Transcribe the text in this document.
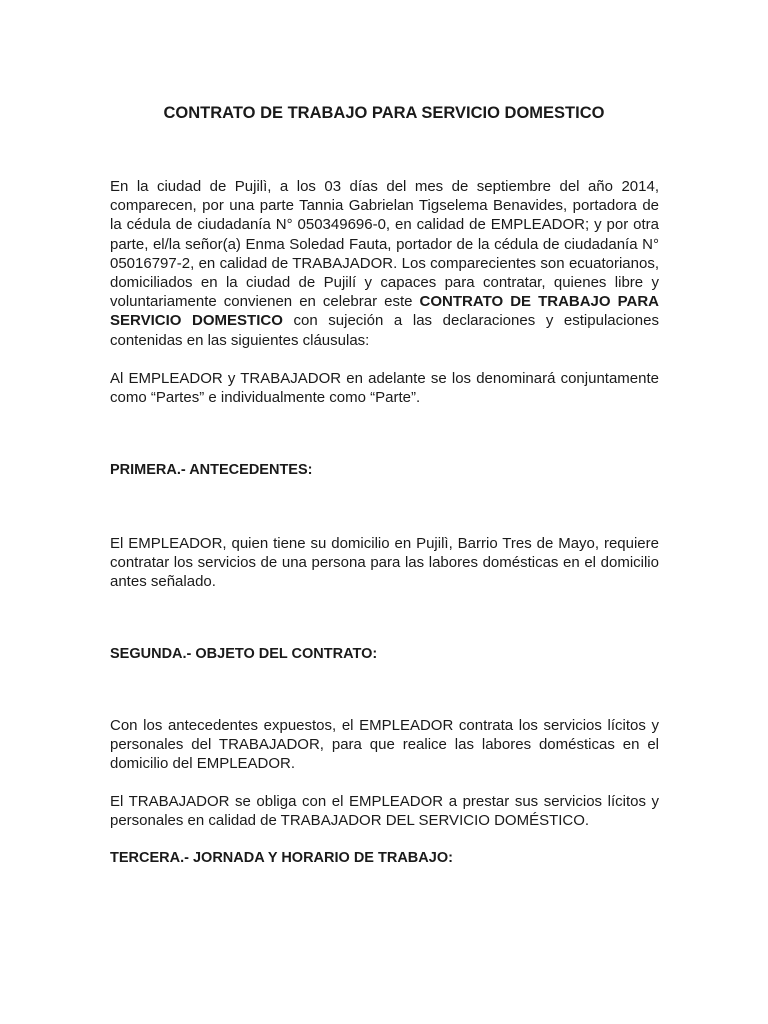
CONTRATO DE TRABAJO PARA SERVICIO DOMESTICO

En la ciudad de Pujilì, a los 03 días del mes de septiembre del año 2014, comparecen, por una parte Tannia Gabrielan Tigselema Benavides, portadora de la cédula de ciudadanía N° 050349696-0, en calidad de EMPLEADOR; y por otra parte, el/la señor(a) Enma Soledad Fauta, portador de la cédula de ciudadanía N° 05016797-2, en calidad de TRABAJADOR. Los comparecientes son ecuatorianos, domiciliados en la ciudad de Pujilí y capaces para contratar, quienes libre y voluntariamente convienen en celebrar este CONTRATO DE TRABAJO PARA SERVICIO DOMESTICO con sujeción a las declaraciones y estipulaciones contenidas en las siguientes cláusulas:

Al EMPLEADOR y TRABAJADOR en adelante se los denominará conjuntamente como “Partes” e individualmente como “Parte”.

PRIMERA.- ANTECEDENTES:

El EMPLEADOR, quien tiene su domicilio en Pujilì, Barrio Tres de Mayo, requiere contratar los servicios de una persona para las labores domésticas en el domicilio antes señalado.

SEGUNDA.- OBJETO DEL CONTRATO:

Con los antecedentes expuestos, el EMPLEADOR contrata los servicios lícitos y personales del TRABAJADOR, para que realice las labores domésticas en el domicilio del EMPLEADOR.

El TRABAJADOR se obliga con el EMPLEADOR a prestar sus servicios lícitos y personales en calidad de TRABAJADOR DEL SERVICIO DOMÉSTICO.

TERCERA.- JORNADA Y HORARIO DE TRABAJO:
